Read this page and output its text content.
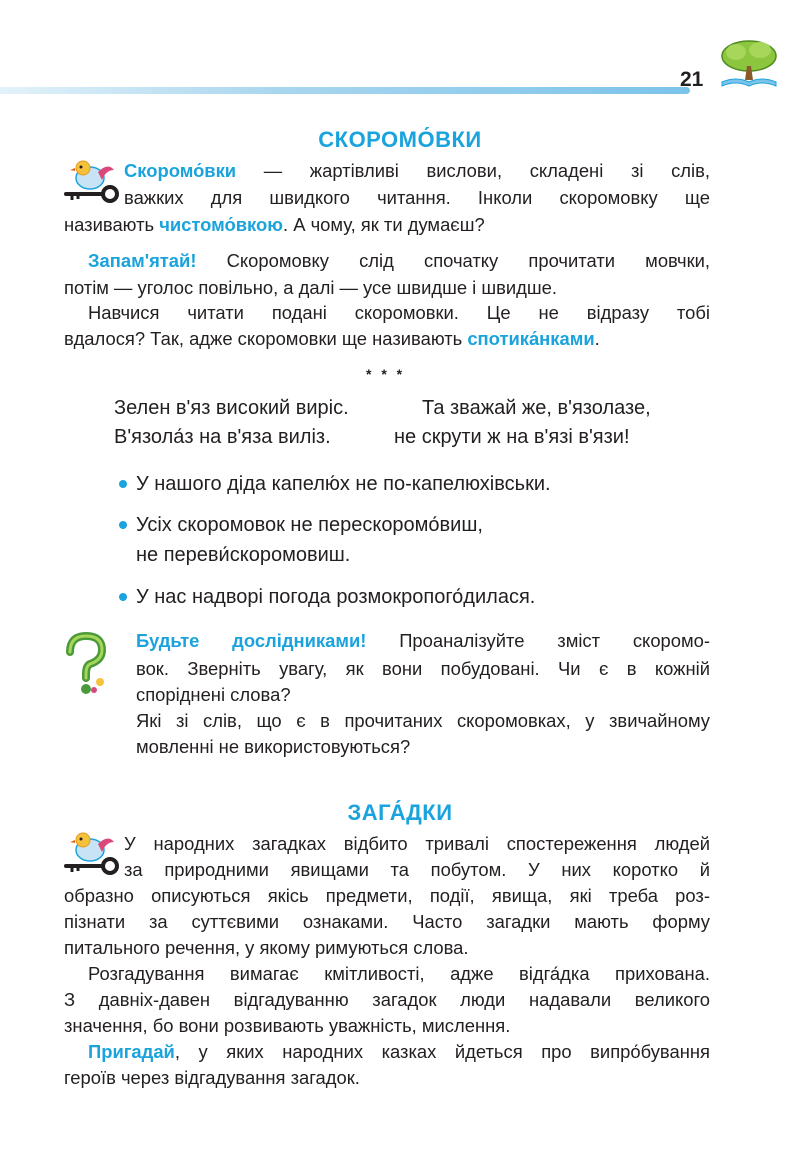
21
СКОРОМО́ВКИ
Скоромо́вки — жартівливі вислови, складені зі слів,
важких для швидкого читання. Інколи скоромовку ще
називають чистомо́вкою. А чому, як ти думаєш?
Запам'ятай! Скоромовку слід спочатку прочитати мовчки,
потім — уголос повільно, а далі — усе швидше і швидше.
Навчися читати подані скоромовки. Це не відразу тобі
вдалося? Так, адже скоромовки ще називають спотика́нками.
* * *
Зелен в'яз високий виріс.
В'язола́з на в'яза виліз.
Та зважай же, в'язолазе,
не скрути ж на в'язі в'язи!
У нашого діда капелю́х не по-капелюхівськи.
Усіх скоромовок не перескоромо́виш,
не переви́скоромовиш.
У нас надворі погода розмокропого́дилася.
Будьте дослідниками! Проаналізуйте зміст скоромо-
вок. Зверніть увагу, як вони побудовані. Чи є в кожній
споріднені слова?
Які зі слів, що є в прочитаних скоромовках, у звичайному
мовленні не використовуються?
ЗАГА́ДКИ
У народних загадках відбито тривалі спостереження людей
за природними явищами та побутом. У них коротко й
образно описуються якісь предмети, події, явища, які треба роз-
пізнати за суттєвими ознаками. Часто загадки мають форму
питального речення, у якому римуються слова.
Розгадування вимагає кмітливості, адже відга́дка прихована.
З давніх-давен відгадуванню загадок люди надавали великого
значення, бо вони розвивають уважність, мислення.
Пригадай, у яких народних казках йдеться про випро́бування
героїв через відгадування загадок.
